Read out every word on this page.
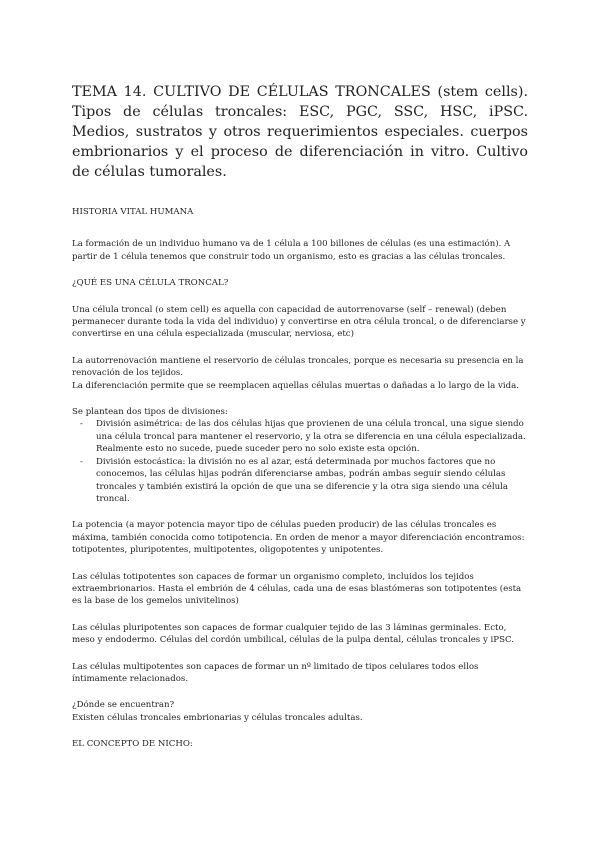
TEMA 14. CULTIVO DE CÉLULAS TRONCALES (stem cells). Tipos de células troncales: ESC, PGC, SSC, HSC, iPSC. Medios, sustratos y otros requerimientos especiales. cuerpos embrionarios y el proceso de diferenciación in vitro. Cultivo de células tumorales.

HISTORIA VITAL HUMANA

La formación de un individuo humano va de 1 célula a 100 billones de células (es una estimación). A partir de 1 célula tenemos que construir todo un organismo, esto es gracias a las células troncales.

¿QUÉ ES UNA CÉLULA TRONCAL?

Una célula troncal (o stem cell) es aquella con capacidad de autorrenovarse (self – renewal) (deben permanecer durante toda la vida del individuo) y convertirse en otra célula troncal, o de diferenciarse y convertirse en una célula especializada (muscular, nerviosa, etc)

La autorrenovación mantiene el reservorio de células troncales, porque es necesaria su presencia en la renovación de los tejidos.

La diferenciación permite que se reemplacen aquellas células muertas o dañadas a lo largo de la vida.

Se plantean dos tipos de divisiones:

- División asimétrica: de las dos células hijas que provienen de una célula troncal, una sigue siendo una célula troncal para mantener el reservorio, y la otra se diferencia en una célula especializada. Realmente esto no sucede, puede suceder pero no solo existe esta opción.
- División estocástica: la división no es al azar, está determinada por muchos factores que no conocemos, las células hijas podrán diferenciarse ambas, podrán ambas seguir siendo células troncales y también existirá la opción de que una se diferencie y la otra siga siendo una célula troncal.

La potencia (a mayor potencia mayor tipo de células pueden producir) de las células troncales es máxima, también conocida como totipotencia. En orden de menor a mayor diferenciación encontramos: totipotentes, pluripotentes, multipotentes, oligopotentes y unipotentes.

Las células totipotentes son capaces de formar un organismo completo, incluidos los tejidos extraembrionarios. Hasta el embrión de 4 células, cada una de esas blastómeras son totipotentes (esta es la base de los gemelos univitelinos)

Las células pluripotentes son capaces de formar cualquier tejido de las 3 láminas germinales. Ecto, meso y endodermo. Células del cordón umbilical, células de la pulpa dental, células troncales y iPSC.

Las células multipotentes son capaces de formar un nº limitado de tipos celulares todos ellos íntimamente relacionados.

¿Dónde se encuentran?

Existen células troncales embrionarias y células troncales adultas.

EL CONCEPTO DE NICHO:
